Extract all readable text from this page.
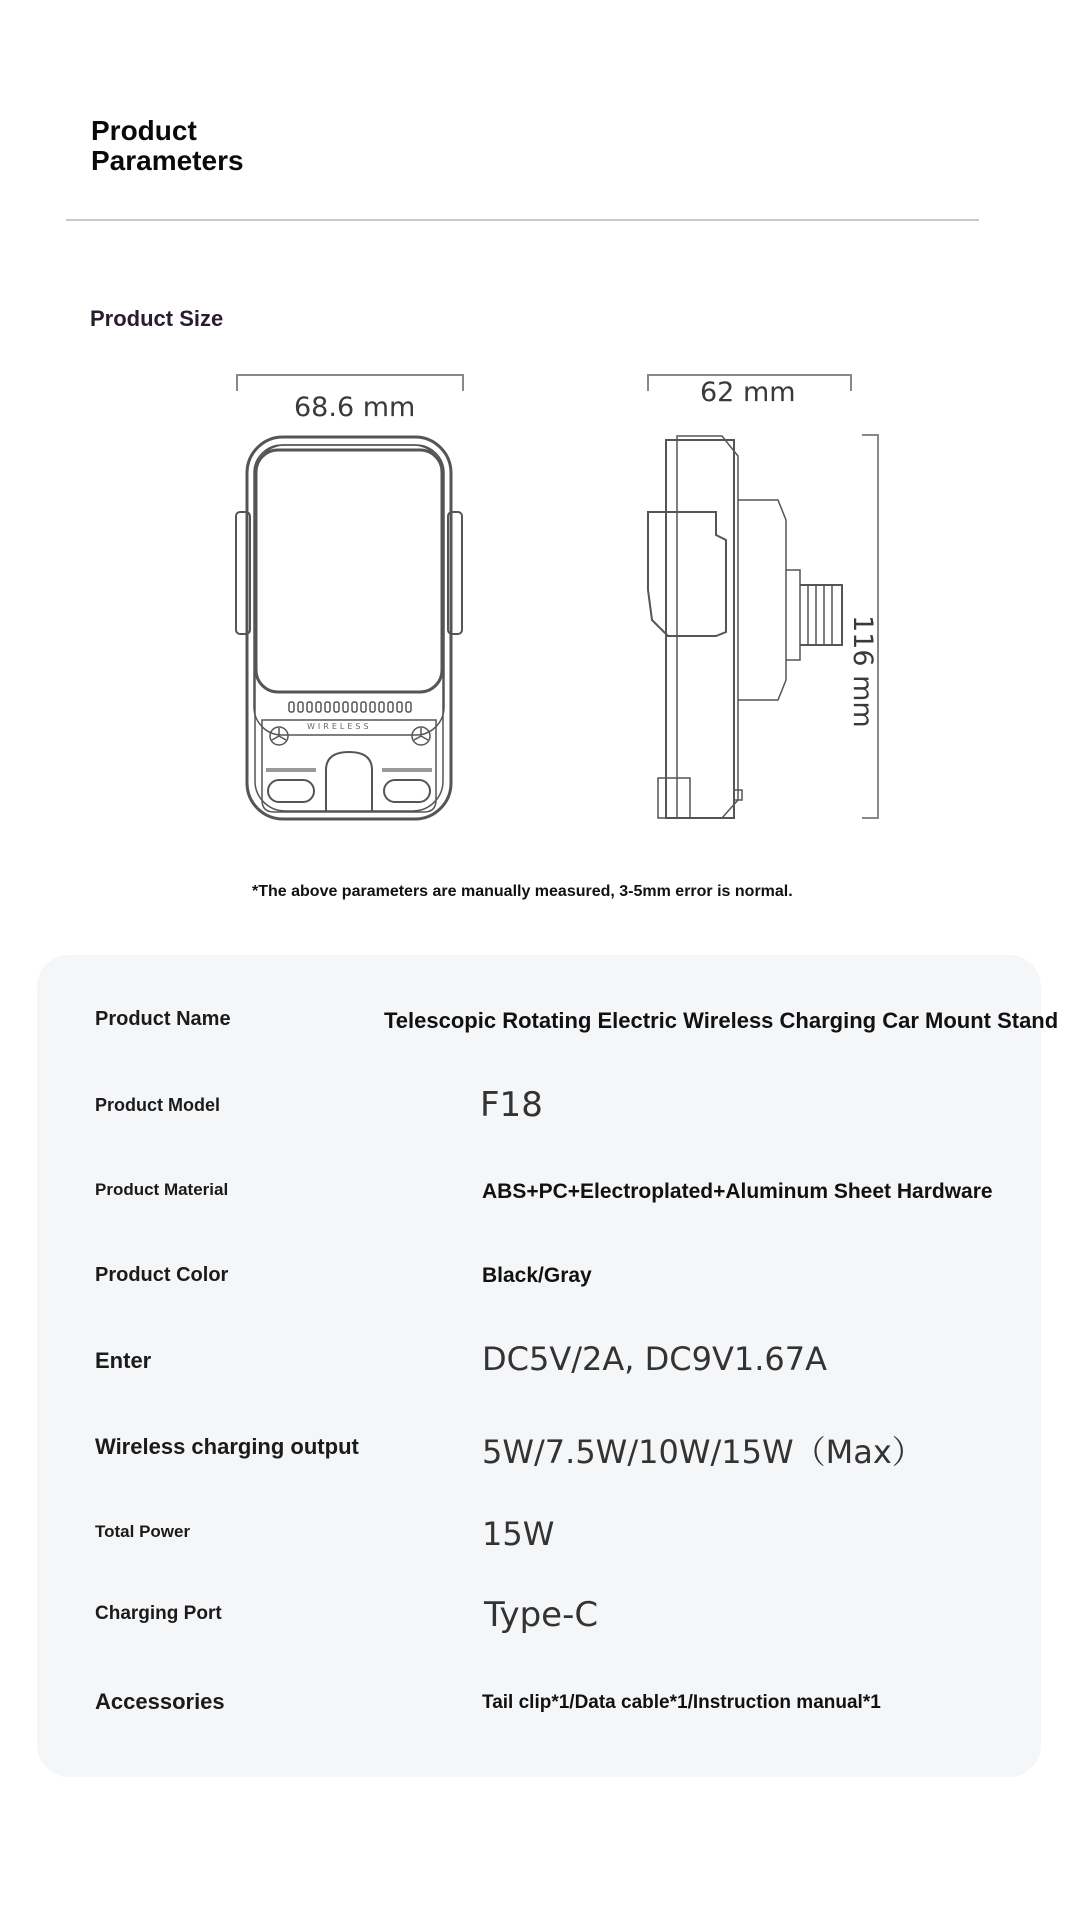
Product
Parameters
Product Size
WIRELESS
68.6 mm	62 mm
116 mm
*The above parameters are manually measured, 3-5mm error is normal.
Product Name	Telescopic Rotating Electric Wireless Charging Car Mount Stand
Product Model	F18
Product Material	ABS+PC+Electroplated+Aluminum Sheet Hardware
Product Color	Black/Gray
Enter	DC5V/2A, DC9V1.67A
Wireless charging output	5W/7.5W/10W/15W（Max）
Total Power	15W
Charging Port	Type-C
Accessories	Tail clip*1/Data cable*1/Instruction manual*1
